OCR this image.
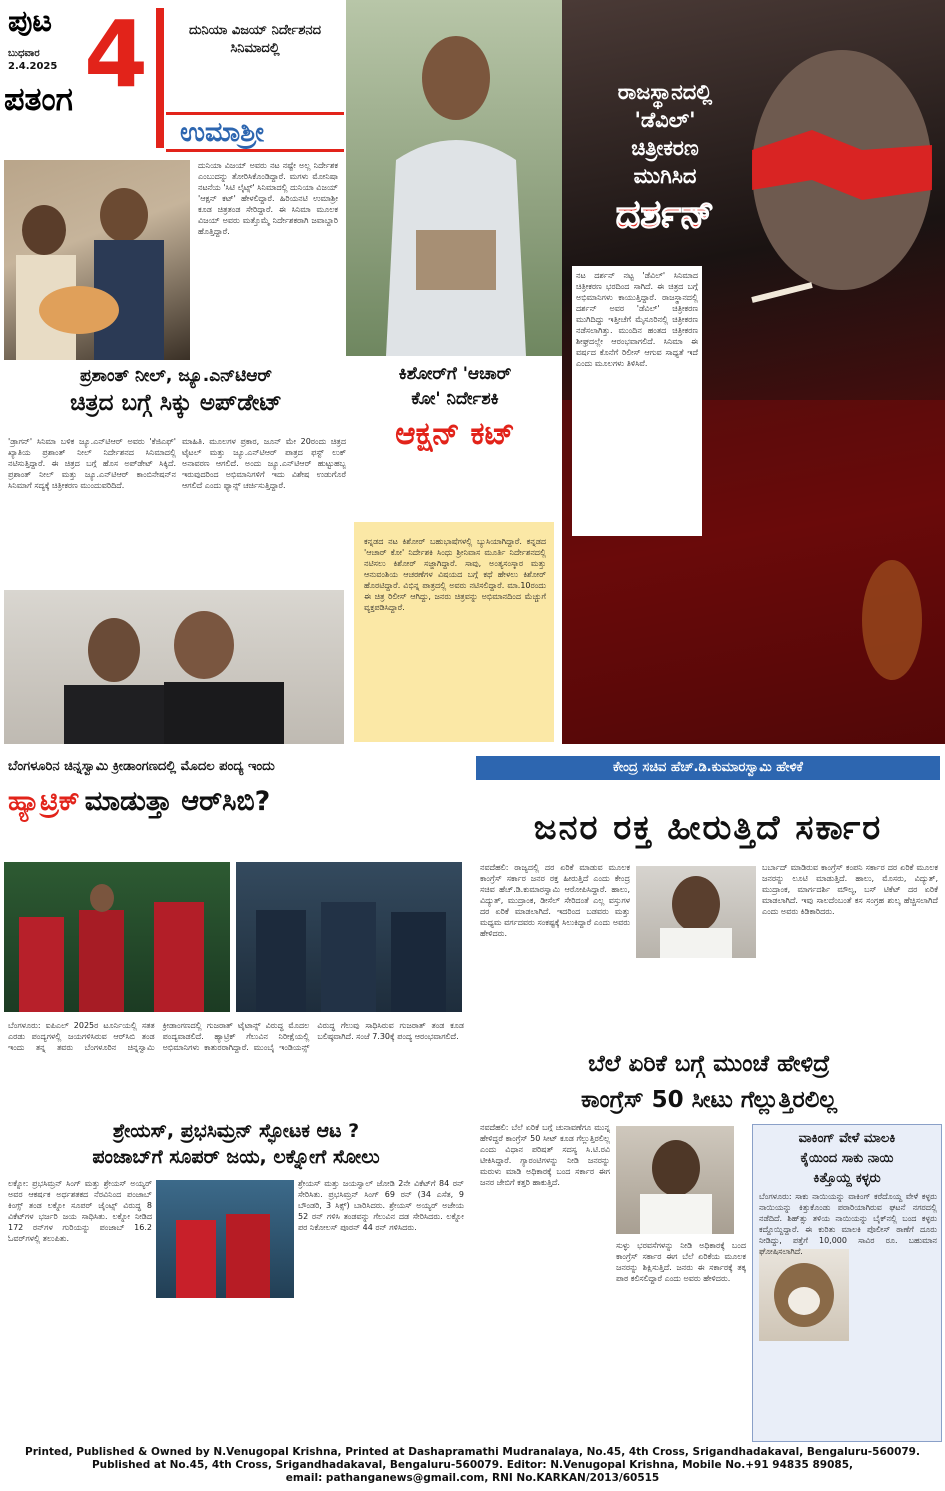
ಪುಟ
ಬುಧವಾರ
2.4.2025
ಪತಂಗ 4	ದುನಿಯಾ ವಿಜಯ್ ನಿರ್ದೇಶನದ ಸಿನಿಮಾದಲ್ಲಿ
ಉಮಾಶ್ರೀ
ದುನಿಯಾ ವಿಜಯ್ ಅವರು ನಟ ನಷ್ಟೇ ಅಲ್ಲ ನಿರ್ದೇಶಕ ಎಂಬುದನ್ನು ತೋರಿಸಿಕೊಂಡಿದ್ದಾರೆ. ಮಗಳು ಮೋನಿಷಾ ನಟನೆಯ 'ಸಿಟಿ ಲೈಟ್ಸ್' ಸಿನಿಮಾದಲ್ಲಿ ದುನಿಯಾ ವಿಜಯ್ 'ಆಕ್ಷನ್ ಕಟ್' ಹೇಳಲಿದ್ದಾರೆ. ಹಿರಿಯನಟಿ ಉಮಾಶ್ರೀ ಕೂಡ ಚಿತ್ರತಂಡ ಸೇರಿದ್ದಾರೆ. ಈ ಸಿನಿಮಾ ಮೂಲಕ ವಿಜಯ್ ಅವರು ಮತ್ತೊಮ್ಮೆ ನಿರ್ದೇಶಕರಾಗಿ ಜವಾಬ್ದಾರಿ ಹೊತ್ತಿದ್ದಾರೆ.
ರಾಜಸ್ಥಾನದಲ್ಲಿ
'ಡೆವಿಲ್'
ಚಿತ್ರೀಕರಣ
ಮುಗಿಸಿದ
ದರ್ಶನ್
ನಟ ದರ್ಶನ್ ನಟ್ಟ 'ಡೆವಿಲ್' ಸಿನಿಮಾದ ಚಿತ್ರೀಕರಣ ಭರದಿಂದ ಸಾಗಿದೆ. ಈ ಚಿತ್ರದ ಬಗ್ಗೆ ಅಭಿಮಾನಿಗಳು ಕಾಯುತ್ತಿದ್ದಾರೆ. ರಾಜಸ್ಥಾನದಲ್ಲಿ ದರ್ಶನ್ ಅವರ 'ಡೆವಿಲ್' ಚಿತ್ರೀಕರಣ ಮುಗಿದಿದ್ದು ಇತ್ತೀಚೆಗೆ ಮೈಸೂರಿನಲ್ಲಿ ಚಿತ್ರೀಕರಣ ನಡೆಸಲಾಗಿತ್ತು. ಮುಂದಿನ ಹಂತದ ಚಿತ್ರೀಕರಣ ಶೀಘ್ರದಲ್ಲೇ ಆರಂಭವಾಗಲಿದೆ. ಸಿನಿಮಾ ಈ ವರ್ಷದ ಕೊನೆಗೆ ರಿಲೀಸ್ ಆಗುವ ಸಾಧ್ಯತೆ ಇದೆ ಎಂದು ಮೂಲಗಳು ತಿಳಿಸಿವೆ.
ಪ್ರಶಾಂತ್ ನೀಲ್, ಜ್ಯೂ.ಎನ್‌ಟಿಆರ್
ಚಿತ್ರದ ಬಗ್ಗೆ ಸಿಕ್ಕು ಅಪ್‌ಡೇಟ್
'ಡ್ರಾಗನ್' ಸಿನಿಮಾ ಬಳಿಕ ಜ್ಯೂ.ಎನ್‌ಟಿಆರ್ ಅವರು 'ಕೆಜಿಎಫ್' ಖ್ಯಾತಿಯ ಪ್ರಶಾಂತ್ ನೀಲ್ ನಿರ್ದೇಶನದ ಸಿನಿಮಾದಲ್ಲಿ ನಟಿಸುತ್ತಿದ್ದಾರೆ. ಈ ಚಿತ್ರದ ಬಗ್ಗೆ ಹೊಸ ಅಪ್‌ಡೇಟ್ ಸಿಕ್ಕಿದೆ. ಪ್ರಶಾಂತ್ ನೀಲ್ ಮತ್ತು ಜ್ಯೂ.ಎನ್‌ಟಿಆರ್ ಕಾಂಬಿನೇಷನ್‌ನ ಸಿನಿಮಾಗೆ ಸದ್ಯಕ್ಕೆ ಚಿತ್ರೀಕರಣ ಮುಂದುವರಿದಿದೆ.
ಮಾಹಿತಿ. ಮೂಲಗಳ ಪ್ರಕಾರ, ಜೂನ್ ಮೇ 20ರಂದು ಚಿತ್ರದ ಟೈಟಲ್ ಮತ್ತು ಜ್ಯೂ.ಎನ್‌ಟಿಆರ್ ಪಾತ್ರದ ಫಸ್ಟ್ ಲುಕ್ ಅನಾವರಣ ಆಗಲಿದೆ. ಅಂದು ಜ್ಯೂ.ಎನ್‌ಟಿಆರ್ ಹುಟ್ಟುಹಬ್ಬ ಇರುವುದರಿಂದ ಅಭಿಮಾನಿಗಳಿಗೆ ಇದು ವಿಶೇಷ ಉಡುಗೊರೆ ಆಗಲಿದೆ ಎಂದು ಫ್ಯಾನ್ಸ್ ಚರ್ಚಿಸುತ್ತಿದ್ದಾರೆ.
ಕಿಶೋರ್‌ಗೆ 'ಆಚಾರ್
ಕೋ' ನಿರ್ದೇಶಕಿ
ಆಕ್ಷನ್ ಕಟ್
ಕನ್ನಡದ ನಟ ಕಿಶೋರ್ ಬಹುಭಾಷೆಗಳಲ್ಲಿ ಬ್ಯುಸಿಯಾಗಿದ್ದಾರೆ. ಕನ್ನಡದ 'ಆಚಾರ್ ಕೋ' ನಿರ್ದೇಶಕಿ ಸಿಂಧು ಶ್ರೀನಿವಾಸ ಮೂರ್ತಿ ನಿರ್ದೇಶನದಲ್ಲಿ ನಟಿಸಲು ಕಿಶೋರ್ ಸಜ್ಜಾಗಿದ್ದಾರೆ. ಸಾವು, ಅಂತ್ಯಸಂಸ್ಕಾರ ಮತ್ತು ಆನುವಂಶಿಯ ಆಚರಣೆಗಳ ವಿಷಯದ ಬಗ್ಗೆ ಕಥೆ ಹೇಳಲು ಕಿಶೋರ್ ಹೊರಟಿದ್ದಾರೆ. ವಿಭಿನ್ನ ಪಾತ್ರದಲ್ಲಿ ಅವರು ನಟಿಸಲಿದ್ದಾರೆ. ಮಾ.10ರಂದು ಈ ಚಿತ್ರ ರಿಲೀಸ್ ಆಗಿದ್ದು, ಜನರು ಚಿತ್ರವನ್ನು ಅಭಿಮಾನದಿಂದ ಮೆಚ್ಚುಗೆ ವ್ಯಕ್ತಪಡಿಸಿದ್ದಾರೆ.
ಬೆಂಗಳೂರಿನ ಚಿನ್ನಸ್ವಾಮಿ ಕ್ರೀಡಾಂಗಣದಲ್ಲಿ ಮೊದಲ ಪಂದ್ಯ ಇಂದು
ಹ್ಯಾಟ್ರಿಕ್ ಮಾಡುತ್ತಾ ಆರ್‌ಸಿಬಿ?
ಬೆಂಗಳೂರು: ಐಪಿಎಲ್ 2025ರ ಟೂರ್ನಿಯಲ್ಲಿ ಸತತ ಎರಡು ಪಂದ್ಯಗಳಲ್ಲಿ ಜಯಗಳಿಸಿರುವ ಆರ್‌ಸಿಬಿ ತಂಡ ಇಂದು ತನ್ನ ತವರು ಬೆಂಗಳೂರಿನ ಚಿನ್ನಸ್ವಾಮಿ ಕ್ರೀಡಾಂಗಣದಲ್ಲಿ ಗುಜರಾತ್ ಟೈಟಾನ್ಸ್ ವಿರುದ್ಧ ಮೊದಲ ಪಂದ್ಯವಾಡಲಿದೆ. ಹ್ಯಾಟ್ರಿಕ್ ಗೆಲುವಿನ ನಿರೀಕ್ಷೆಯಲ್ಲಿ ಅಭಿಮಾನಿಗಳು ಕಾತುರರಾಗಿದ್ದಾರೆ. ಮುಂಬೈ ಇಂಡಿಯನ್ಸ್ ವಿರುದ್ಧ ಗೆಲುವು ಸಾಧಿಸಿರುವ ಗುಜರಾತ್ ತಂಡ ಕೂಡ ಬಲಿಷ್ಠವಾಗಿದೆ. ಸಂಜೆ 7.30ಕ್ಕೆ ಪಂದ್ಯ ಆರಂಭವಾಗಲಿದೆ.
ಶ್ರೇಯಸ್, ಪ್ರಭಸಿಮ್ರನ್ ಸ್ಫೋಟಕ ಆಟ ?
ಪಂಜಾಬ್‌ಗೆ ಸೂಪರ್ ಜಯ, ಲಕ್ನೋಗೆ ಸೋಲು
ಲಕ್ನೋ: ಪ್ರಭಸಿಮ್ರನ್ ಸಿಂಗ್ ಮತ್ತು ಶ್ರೇಯಸ್ ಅಯ್ಯರ್ ಅವರ ಆಕರ್ಷಕ ಅರ್ಧಶತಕದ ನೆರವಿನಿಂದ ಪಂಜಾಬ್ ಕಿಂಗ್ಸ್ ತಂಡ ಲಕ್ನೋ ಸೂಪರ್ ಜೈಂಟ್ಸ್ ವಿರುದ್ಧ 8 ವಿಕೆಟ್‌ಗಳ ಭರ್ಜರಿ ಜಯ ಸಾಧಿಸಿತು. ಲಕ್ನೋ ನೀಡಿದ 172 ರನ್‌ಗಳ ಗುರಿಯನ್ನು ಪಂಜಾಬ್ 16.2 ಓವರ್‌ಗಳಲ್ಲಿ ತಲುಪಿತು.
ಶ್ರೇಯಸ್ ಮತ್ತು ಜಯಸ್ವಾಲ್ ಜೋಡಿ 2ನೇ ವಿಕೆಟ್‌ಗೆ 84 ರನ್ ಸೇರಿಸಿತು. ಪ್ರಭಸಿಮ್ರನ್ ಸಿಂಗ್ 69 ರನ್ (34 ಎಸೆತ, 9 ಬೌಂಡರಿ, 3 ಸಿಕ್ಸ್) ಬಾರಿಸಿದರು. ಶ್ರೇಯಸ್ ಅಯ್ಯರ್ ಅಜೇಯ 52 ರನ್ ಗಳಿಸಿ ತಂಡವನ್ನು ಗೆಲುವಿನ ದಡ ಸೇರಿಸಿದರು. ಲಕ್ನೋ ಪರ ನಿಕೋಲಸ್ ಪೂರನ್ 44 ರನ್ ಗಳಿಸಿದರು.
ಕೇಂದ್ರ ಸಚಿವ ಹೆಚ್.ಡಿ.ಕುಮಾರಸ್ವಾಮಿ ಹೇಳಿಕೆ
ಜನರ ರಕ್ತ ಹೀರುತ್ತಿದೆ ಸರ್ಕಾರ
ನವದೆಹಲಿ: ರಾಜ್ಯದಲ್ಲಿ ದರ ಏರಿಕೆ ಮಾಡುವ ಮೂಲಕ ಕಾಂಗ್ರೆಸ್ ಸರ್ಕಾರ ಜನರ ರಕ್ತ ಹೀರುತ್ತಿದೆ ಎಂದು ಕೇಂದ್ರ ಸಚಿವ ಹೆಚ್.ಡಿ.ಕುಮಾರಸ್ವಾಮಿ ಆರೋಪಿಸಿದ್ದಾರೆ. ಹಾಲು, ವಿದ್ಯುತ್, ಮುದ್ರಾಂಕ, ಡೀಸೆಲ್ ಸೇರಿದಂತೆ ಎಲ್ಲ ವಸ್ತುಗಳ ದರ ಏರಿಕೆ ಮಾಡಲಾಗಿದೆ. ಇದರಿಂದ ಬಡವರು ಮತ್ತು ಮಧ್ಯಮ ವರ್ಗದವರು ಸಂಕಷ್ಟಕ್ಕೆ ಸಿಲುಕಿದ್ದಾರೆ ಎಂದು ಅವರು ಹೇಳಿದರು.
ಬರ್ಬಾದ್ ಮಾಡಿರುವ ಕಾಂಗ್ರೆಸ್ ಕಂಪನಿ ಸರ್ಕಾರ ದರ ಏರಿಕೆ ಮೂಲಕ ಜನರನ್ನು ಲೂಟಿ ಮಾಡುತ್ತಿದೆ. ಹಾಲು, ಮೊಸರು, ವಿದ್ಯುತ್, ಮುದ್ರಾಂಕ, ಮಾರ್ಗದರ್ಶಿ ಮೌಲ್ಯ, ಬಸ್ ಟಿಕೆಟ್ ದರ ಏರಿಕೆ ಮಾಡಲಾಗಿದೆ. ಇವು ಸಾಲದೆಂಬಂತೆ ಕಸ ಸಂಗ್ರಹ ಶುಲ್ಕ ಹೆಚ್ಚಿಸಲಾಗಿದೆ ಎಂದು ಅವರು ಕಿಡಿಕಾರಿದರು.
ಬೆಲೆ ಏರಿಕೆ ಬಗ್ಗೆ ಮುಂಚೆ ಹೇಳಿದ್ರೆ
ಕಾಂಗ್ರೆಸ್ 50 ಸೀಟು ಗೆಲ್ಲುತ್ತಿರಲಿಲ್ಲ
ನವದೆಹಲಿ: ಬೆಲೆ ಏರಿಕೆ ಬಗ್ಗೆ ಚುನಾವಣೆಗೂ ಮುನ್ನ ಹೇಳಿದ್ದರೆ ಕಾಂಗ್ರೆಸ್ 50 ಸೀಟ್ ಕೂಡ ಗೆಲ್ಲುತ್ತಿರಲಿಲ್ಲ ಎಂದು ವಿಧಾನ ಪರಿಷತ್ ಸದಸ್ಯ ಸಿ.ಟಿ.ರವಿ ಟೀಕಿಸಿದ್ದಾರೆ. ಗ್ಯಾರಂಟಿಗಳನ್ನು ನೀಡಿ ಜನರನ್ನು ಮರುಳು ಮಾಡಿ ಅಧಿಕಾರಕ್ಕೆ ಬಂದ ಸರ್ಕಾರ ಈಗ ಜನರ ಜೇಬಿಗೆ ಕತ್ತರಿ ಹಾಕುತ್ತಿದೆ.
ಸುಳ್ಳು ಭರವಸೆಗಳನ್ನು ನೀಡಿ ಅಧಿಕಾರಕ್ಕೆ ಬಂದ ಕಾಂಗ್ರೆಸ್ ಸರ್ಕಾರ ಈಗ ಬೆಲೆ ಏರಿಕೆಯ ಮೂಲಕ ಜನರನ್ನು ಶಿಕ್ಷಿಸುತ್ತಿದೆ. ಜನರು ಈ ಸರ್ಕಾರಕ್ಕೆ ತಕ್ಕ ಪಾಠ ಕಲಿಸಲಿದ್ದಾರೆ ಎಂದು ಅವರು ಹೇಳಿದರು.
ವಾಕಿಂಗ್ ವೇಳೆ ಮಾಲಕಿ
ಕೈಯಿಂದ ಸಾಕು ನಾಯಿ
ಕಿತ್ತೊಯ್ದ ಕಳ್ಳರು
ಬೆಂಗಳೂರು: ಸಾಕು ನಾಯಿಯನ್ನು ವಾಕಿಂಗ್ ಕರೆದೊಯ್ದ ವೇಳೆ ಕಳ್ಳರು ನಾಯಿಯನ್ನು ಕಿತ್ತುಕೊಂಡು ಪರಾರಿಯಾಗಿರುವ ಘಟನೆ ನಗರದಲ್ಲಿ ನಡೆದಿದೆ. ಶಿಹ್‌ತ್ಸು ತಳಿಯ ನಾಯಿಯನ್ನು ಬೈಕ್‌ನಲ್ಲಿ ಬಂದ ಕಳ್ಳರು ಕದ್ದೊಯ್ದಿದ್ದಾರೆ. ಈ ಕುರಿತು ಮಾಲಕಿ ಪೊಲೀಸ್ ಠಾಣೆಗೆ ದೂರು ನೀಡಿದ್ದು, ಪತ್ತೆಗೆ 10,000 ಸಾವಿರ ರೂ. ಬಹುಮಾನ ಘೋಷಿಸಲಾಗಿದೆ.
Printed, Published & Owned by N.Venugopal Krishna, Printed at Dashapramathi Mudranalaya, No.45, 4th Cross, Srigandhadakaval, Bengaluru-560079.
Published at No.45, 4th Cross, Srigandhadakaval, Bengaluru-560079. Editor: N.Venugopal Krishna, Mobile No.+91 94835 89085,
email: pathanganews@gmail.com, RNI No.KARKAN/2013/60515
